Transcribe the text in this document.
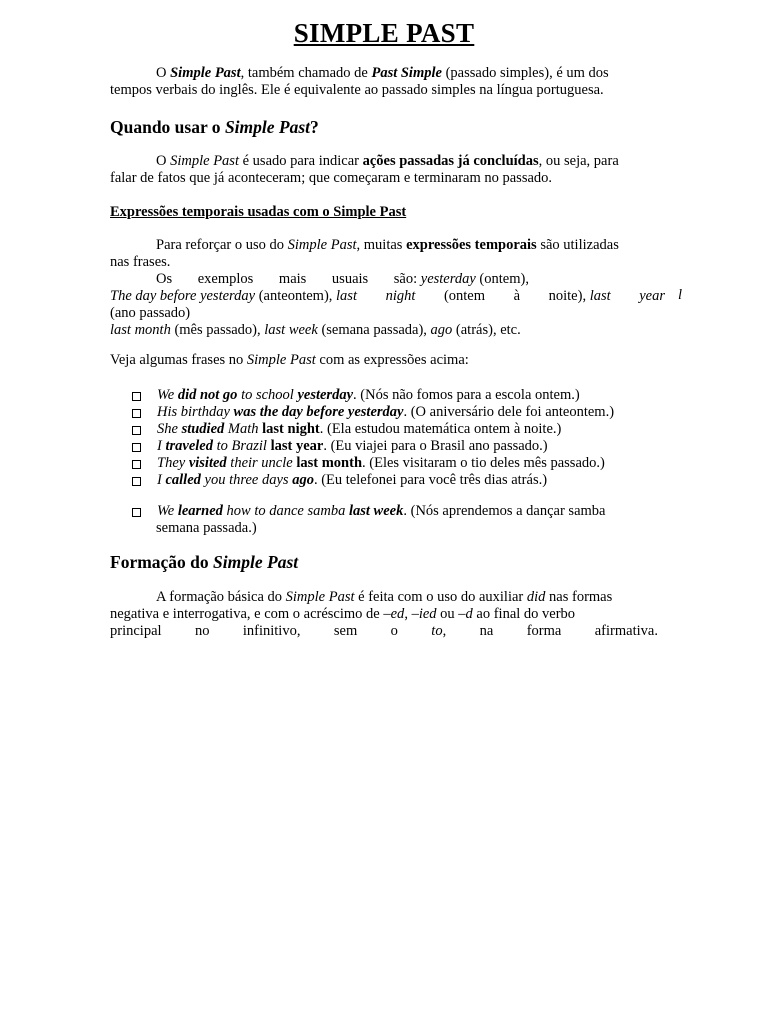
SIMPLE PAST
O Simple Past, também chamado de Past Simple (passado simples), é um dos
tempos verbais do inglês. Ele é equivalente ao passado simples na língua portuguesa.
Quando usar o Simple Past?
O Simple Past é usado para indicar ações passadas já concluídas, ou seja, para
falar de fatos que já aconteceram; que começaram e terminaram no passado.
Expressões temporais usadas com o Simple Past
Para reforçar o uso do Simple Past, muitas expressões temporais são utilizadas
nas frases.
Os exemplos mais usuais são: yesterday (ontem),
The day before yesterday (anteontem), last night (ontem à noite), last year
(ano passado)
last month (mês passado), last week (semana passada), ago (atrás), etc.
l
Veja algumas frases no Simple Past com as expressões acima:
We did not go to school yesterday. (Nós não fomos para a escola ontem.)
His birthday was the day before yesterday. (O aniversário dele foi anteontem.)
She studied Math last night. (Ela estudou matemática ontem à noite.)
I traveled to Brazil last year. (Eu viajei para o Brasil ano passado.)
They visited their uncle last month. (Eles visitaram o tio deles mês passado.)
I called you three days ago. (Eu telefonei para você três dias atrás.)
We learned how to dance samba last week. (Nós aprendemos a dançar samba
semana passada.)
Formação do Simple Past
A formação básica do Simple Past é feita com o uso do auxiliar did nas formas
negativa e interrogativa, e com o acréscimo de –ed, –ied ou –d ao final do verbo
principal no infinitivo, sem o to, na forma afirmativa.
